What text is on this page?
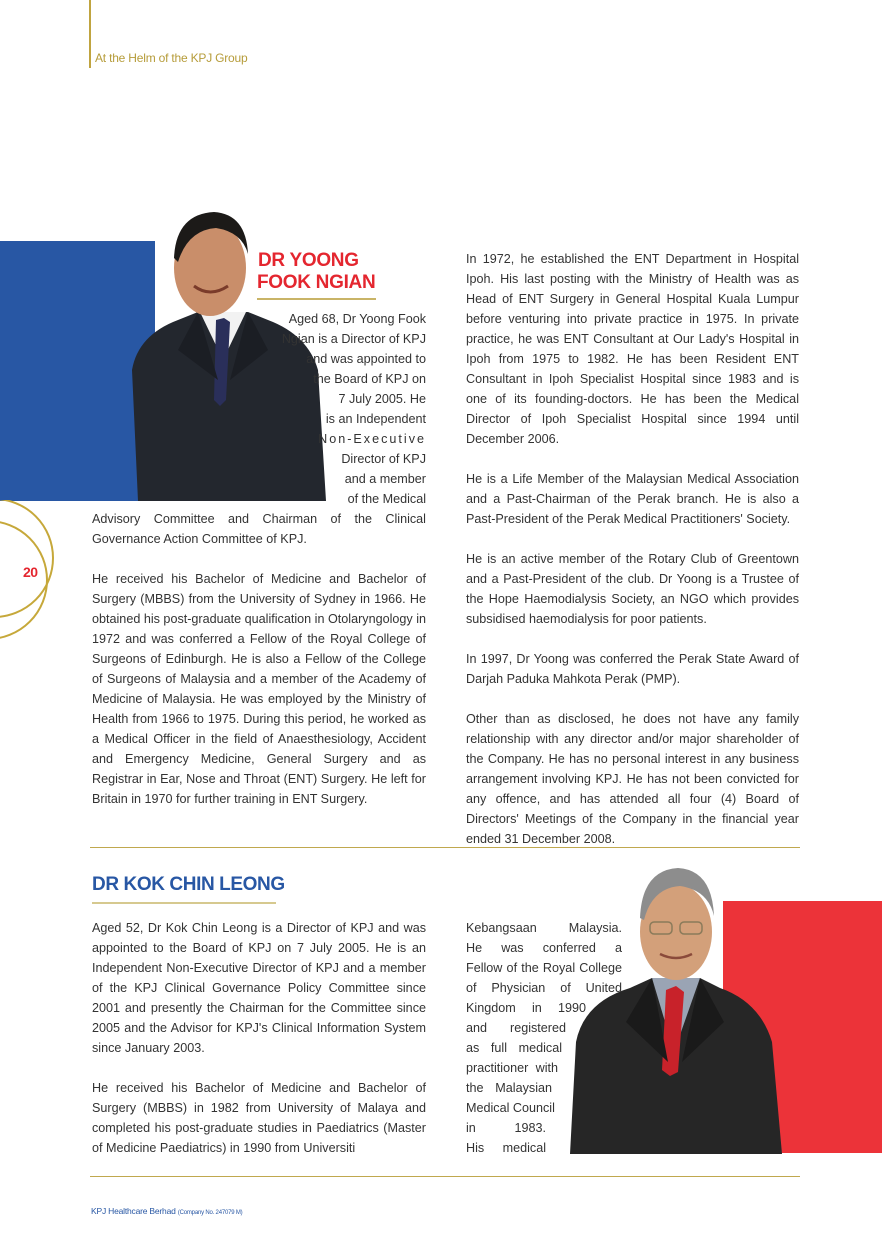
At the Helm of the KPJ Group
20
DR YOONG
FOOK NGIAN
Aged 68, Dr Yoong Fook
Ngian is a Director of KPJ
and was appointed to
the Board of KPJ on
7 July 2005. He
is an Independent
Non-Executive
Director of KPJ
and a member
of the Medical

Advisory Committee and Chairman of the Clinical Governance Action Committee of KPJ.

He received his Bachelor of Medicine and Bachelor of Surgery (MBBS) from the University of Sydney in 1966. He obtained his post-graduate qualification in Otolaryngology in 1972 and was conferred a Fellow of the Royal College of Surgeons of Edinburgh. He is also a Fellow of the College of Surgeons of Malaysia and a member of the Academy of Medicine of Malaysia. He was employed by the Ministry of Health from 1966 to 1975. During this period, he worked as a Medical Officer in the field of Anaesthesiology, Accident and Emergency Medicine, General Surgery and as Registrar in Ear, Nose and Throat (ENT) Surgery. He left for Britain in 1970 for further training in ENT Surgery.

In 1972, he established the ENT Department in Hospital Ipoh. His last posting with the Ministry of Health was as Head of ENT Surgery in General Hospital Kuala Lumpur before venturing into private practice in 1975. In private practice, he was ENT Consultant at Our Lady's Hospital in Ipoh from 1975 to 1982. He has been Resident ENT Consultant in Ipoh Specialist Hospital since 1983 and is one of its founding-doctors. He has been the Medical Director of Ipoh Specialist Hospital since 1994 until December 2006.

He is a Life Member of the Malaysian Medical Association and a Past-Chairman of the Perak branch. He is also a Past-President of the Perak Medical Practitioners' Society.

He is an active member of the Rotary Club of Greentown and a Past-President of the club. Dr Yoong is a Trustee of the Hope Haemodialysis Society, an NGO which provides subsidised haemodialysis for poor patients.

In 1997, Dr Yoong was conferred the Perak State Award of Darjah Paduka Mahkota Perak (PMP).

Other than as disclosed, he does not have any family relationship with any director and/or major shareholder of the Company. He has no personal interest in any business arrangement involving KPJ. He has not been convicted for any offence, and has attended all four (4) Board of Directors' Meetings of the Company in the financial year ended 31 December 2008.

DR KOK CHIN LEONG

Aged 52, Dr Kok Chin Leong is a Director of KPJ and was appointed to the Board of KPJ on 7 July 2005. He is an Independent Non-Executive Director of KPJ and a member of the KPJ Clinical Governance Policy Committee since 2001 and presently the Chairman for the Committee since 2005 and the Advisor for KPJ's Clinical Information System since January 2003.

He received his Bachelor of Medicine and Bachelor of Surgery (MBBS) in 1982 from University of Malaya and completed his post-graduate studies in Paediatrics (Master of Medicine Paediatrics) in 1990 from Universiti

Kebangsaan Malaysia.
He was conferred a
Fellow of the Royal College
of Physician of United
Kingdom in 1990
and registered
as full medical
practitioner with
the Malaysian
Medical Council
in 1983.
His medical
KPJ Healthcare Berhad (Company No. 247079 M)
